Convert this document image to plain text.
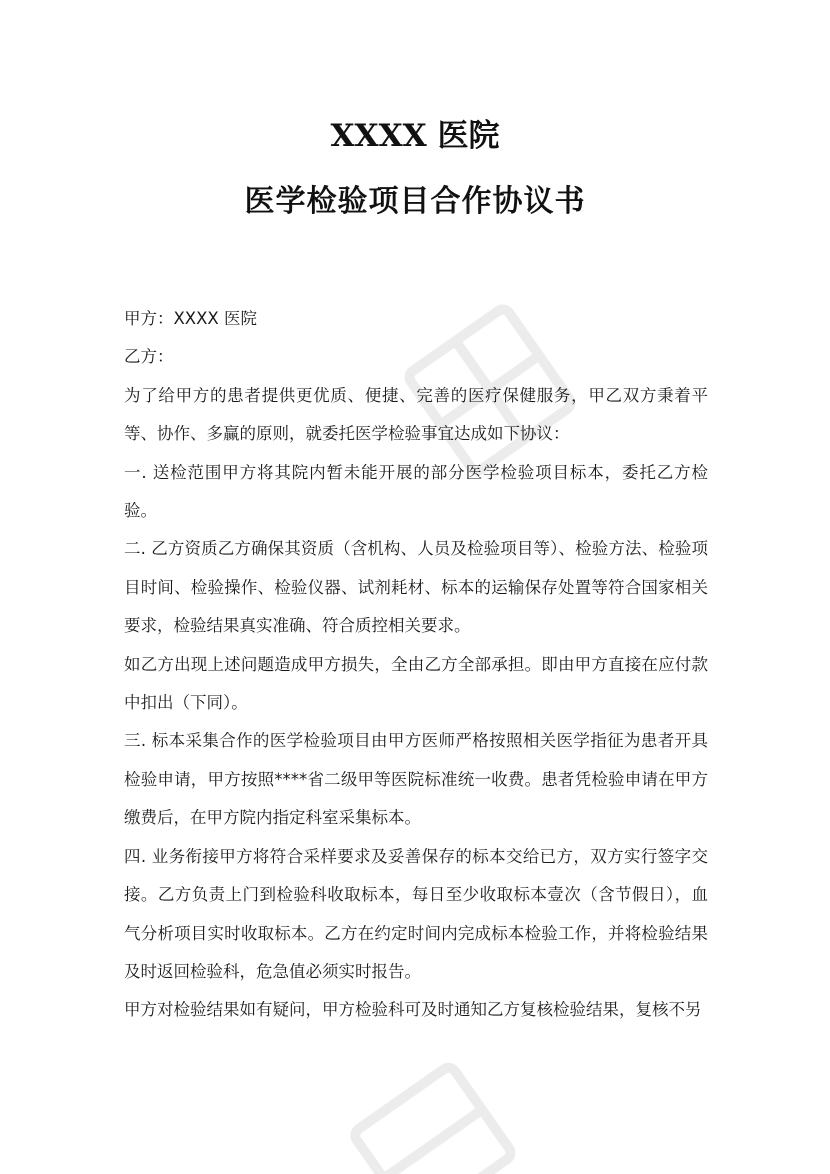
XXXX 医院
医学检验项目合作协议书

甲方：XXXX 医院

乙方：

为了给甲方的患者提供更优质、便捷、完善的医疗保健服务，甲乙双方秉着平等、协作、多赢的原则，就委托医学检验事宜达成如下协议：

一. 送检范围甲方将其院内暂未能开展的部分医学检验项目标本，委托乙方检验。

二. 乙方资质乙方确保其资质（含机构、人员及检验项目等）、检验方法、检验项目时间、检验操作、检验仪器、试剂耗材、标本的运输保存处置等符合国家相关要求，检验结果真实准确、符合质控相关要求。

如乙方出现上述问题造成甲方损失，全由乙方全部承担。即由甲方直接在应付款中扣出（下同）。

三. 标本采集合作的医学检验项目由甲方医师严格按照相关医学指征为患者开具检验申请，甲方按照****省二级甲等医院标准统一收费。患者凭检验申请在甲方缴费后，在甲方院内指定科室采集标本。

四. 业务衔接甲方将符合采样要求及妥善保存的标本交给已方，双方实行签字交接。乙方负责上门到检验科收取标本，每日至少收取标本壹次（含节假日），血气分析项目实时收取标本。乙方在约定时间内完成标本检验工作，并将检验结果及时返回检验科，危急值必须实时报告。

甲方对检验结果如有疑问，甲方检验科可及时通知乙方复核检验结果，复核不另
